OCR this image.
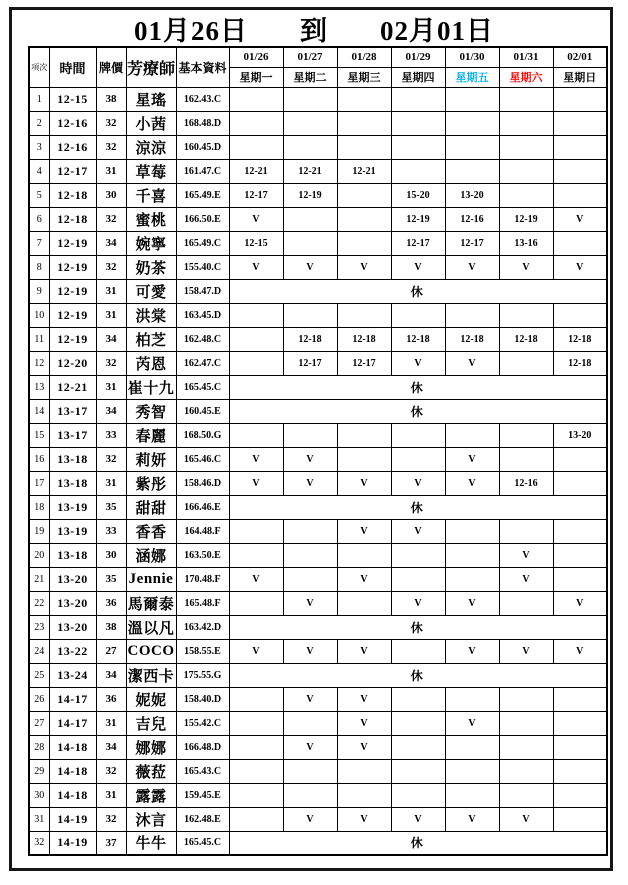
01月26日 到 02月01日
項次	時間	牌價	芳療師	基本資料	01/26	01/27	01/28	01/29	01/30	01/31	02/01
					星期一	星期二	星期三	星期四	星期五	星期六	星期日
1	12-15	38	星瑤	162.43.C							
2	12-16	32	小茜	168.48.D							
3	12-16	32	涼涼	160.45.D							
4	12-17	31	草莓	161.47.C	12-21	12-21	12-21				
5	12-18	30	千喜	165.49.E	12-17	12-19		15-20	13-20		
6	12-18	32	蜜桃	166.50.E	V			12-19	12-16	12-19	V
7	12-19	34	婉寧	165.49.C	12-15			12-17	12-17	13-16	
8	12-19	32	奶茶	155.40.C	V	V	V	V	V	V	V
9	12-19	31	可愛	158.47.D	休						
10	12-19	31	洪棠	163.45.D							
11	12-19	34	柏芝	162.48.C		12-18	12-18	12-18	12-18	12-18	12-18
12	12-20	32	芮恩	162.47.C		12-17	12-17	V	V		12-18
13	12-21	31	崔十九	165.45.C	休						
14	13-17	34	秀智	160.45.E	休						
15	13-17	33	春麗	168.50.G							13-20
16	13-18	32	莉妍	165.46.C	V	V			V		
17	13-18	31	紫彤	158.46.D	V	V	V	V	V	12-16	
18	13-19	35	甜甜	166.46.E	休						
19	13-19	33	香香	164.48.F			V	V			
20	13-18	30	涵娜	163.50.E						V	
21	13-20	35	Jennie	170.48.F	V		V			V	
22	13-20	36	馬爾泰	165.48.F		V		V	V		V
23	13-20	38	溫以凡	163.42.D	休						
24	13-22	27	COCO	158.55.E	V	V	V		V	V	V
25	13-24	34	潔西卡	175.55.G	休						
26	14-17	36	妮妮	158.40.D		V	V				
27	14-17	31	吉兒	155.42.C			V		V		
28	14-18	34	娜娜	166.48.D		V	V				
29	14-18	32	薇菈	165.43.C							
30	14-18	31	露露	159.45.E							
31	14-19	32	沐言	162.48.E		V	V	V	V	V	
32	14-19	37	牛牛	165.45.C	休						
